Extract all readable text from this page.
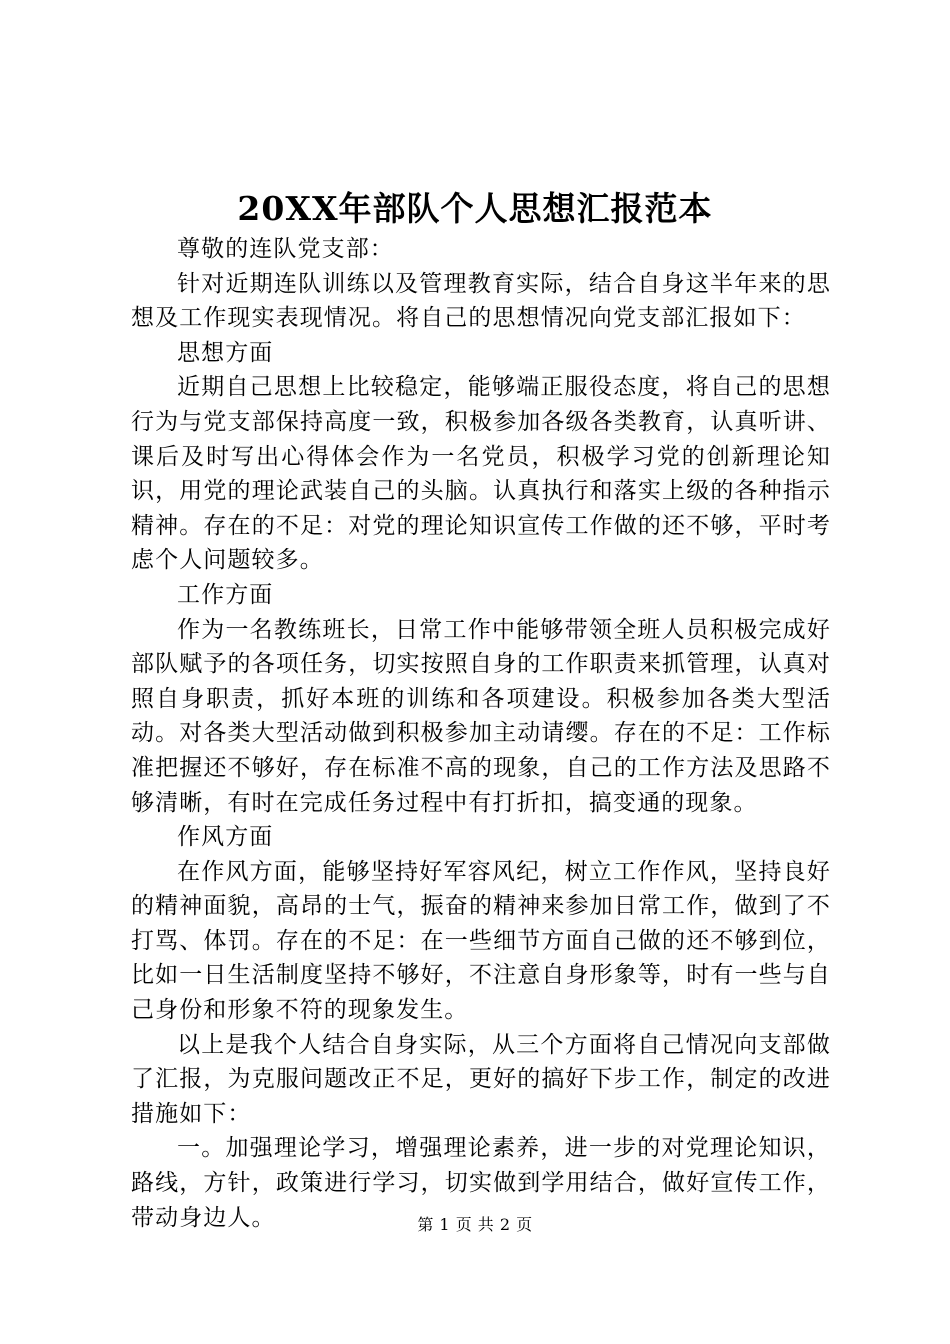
20XX年部队个人思想汇报范本

尊敬的连队党支部：

针对近期连队训练以及管理教育实际，结合自身这半年来的思想及工作现实表现情况。将自己的思想情况向党支部汇报如下：

思想方面

近期自己思想上比较稳定，能够端正服役态度，将自己的思想行为与党支部保持高度一致，积极参加各级各类教育，认真听讲、课后及时写出心得体会作为一名党员，积极学习党的创新理论知识，用党的理论武装自己的头脑。认真执行和落实上级的各种指示精神。存在的不足：对党的理论知识宣传工作做的还不够，平时考虑个人问题较多。

工作方面

作为一名教练班长，日常工作中能够带领全班人员积极完成好部队赋予的各项任务，切实按照自身的工作职责来抓管理，认真对照自身职责，抓好本班的训练和各项建设。积极参加各类大型活动。对各类大型活动做到积极参加主动请缨。存在的不足：工作标准把握还不够好，存在标准不高的现象，自己的工作方法及思路不够清晰，有时在完成任务过程中有打折扣，搞变通的现象。

作风方面

在作风方面，能够坚持好军容风纪，树立工作作风，坚持良好的精神面貌，高昂的士气，振奋的精神来参加日常工作，做到了不打骂、体罚。存在的不足：在一些细节方面自己做的还不够到位，比如一日生活制度坚持不够好，不注意自身形象等，时有一些与自己身份和形象不符的现象发生。

以上是我个人结合自身实际，从三个方面将自己情况向支部做了汇报，为克服问题改正不足，更好的搞好下步工作，制定的改进措施如下：

一。加强理论学习，增强理论素养，进一步的对党理论知识，路线，方针，政策进行学习，切实做到学用结合，做好宣传工作，带动身边人。	第 1 页 共 2 页
